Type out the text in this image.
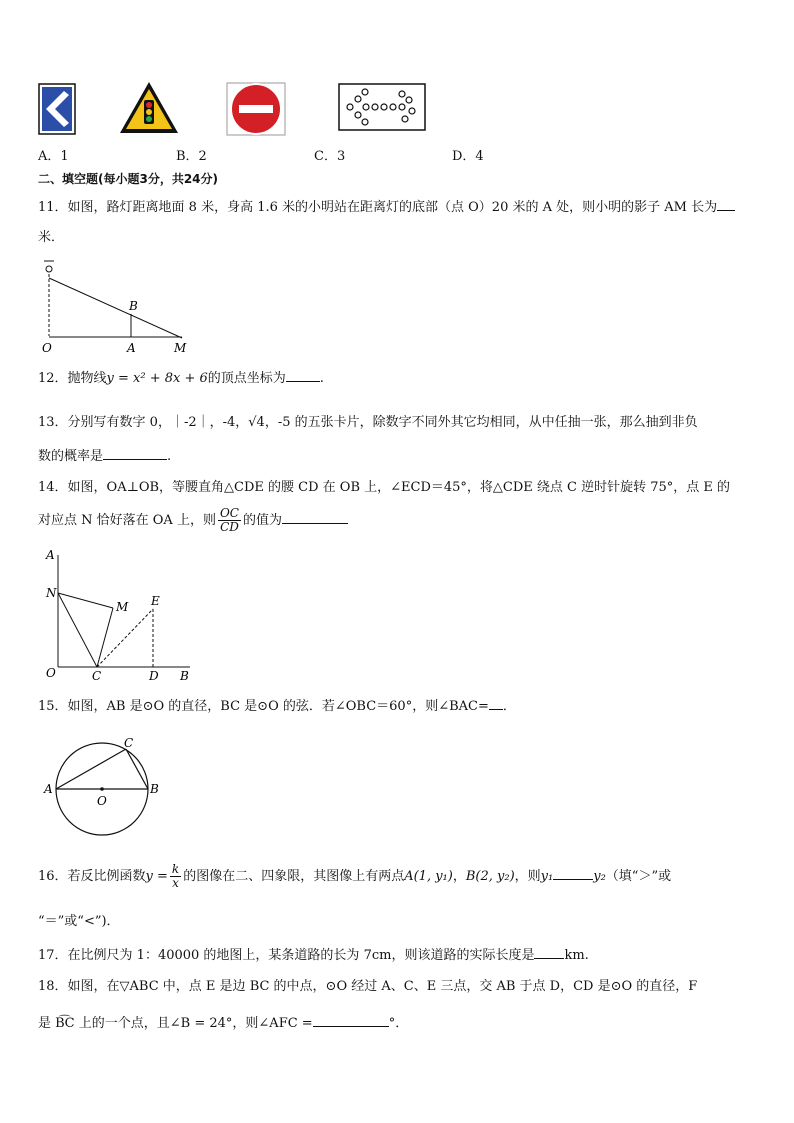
A．1	B．2	C．3	D．4
二、填空题(每小题3分，共24分)
11．如图，路灯距离地面 8 米，身高 1.6 米的小明站在距离灯的底部（点 O）20 米的 A 处，则小明的影子 AM 长为
米．
O	A	M
B
12．抛物线y = x² + 8x + 6的顶点坐标为	.
13．分别写有数字 0，｜-2｜，-4，√4，-5 的五张卡片，除数字不同外其它均相同，从中任抽一张，那么抽到非负
数的概率是	.
14．如图，OA⊥OB，等腰直角△CDE 的腰 CD 在 OB 上，∠ECD＝45°，将△CDE 绕点 C 逆时针旋转 75°，点 E 的
对应点 N 恰好落在 OA 上，则 $\frac{OC}{CD}$ 的值为
A
N
M E
O	C	D B
15．如图，AB 是⊙O 的直径，BC 是⊙O 的弦．若∠OBC＝60°，则∠BAC= ．
A	B
C
O
16．若反比例函数$y = \frac{k}{x}$ 的图像在二、四象限，其图像上有两点A(1, y₁)，B(2, y₂)，则y₁	y₂（填“＞”或
“＝”或“<”)．
17．在比例尺为 1：40000 的地图上，某条道路的长为 7cm，则该道路的实际长度是 km.
18．如图，在▽ABC 中，点 E 是边 BC 的中点，⊙O 经过 A、C、E 三点，交 AB 于点 D，CD 是⊙O 的直径，F
是 B͡C 上的一个点，且∠B = 24°，则∠AFC =	°．
